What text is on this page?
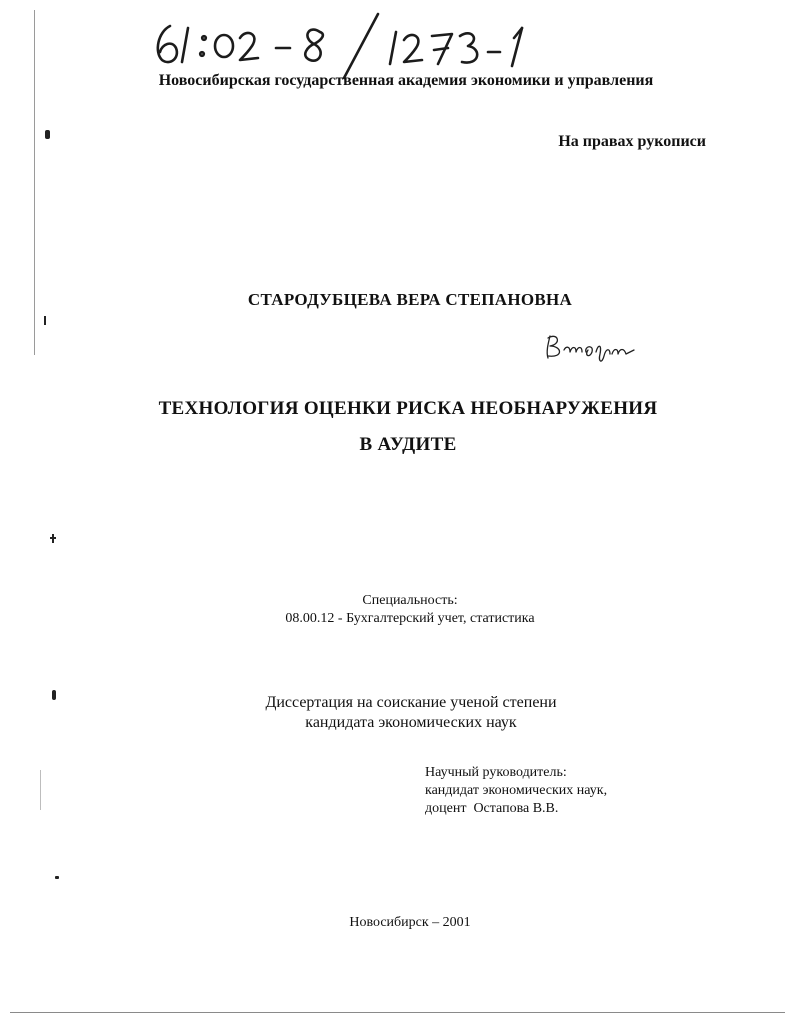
Новосибирская государственная академия экономики и управления
На правах рукописи
СТАРОДУБЦЕВА ВЕРА СТЕПАНОВНА
ТЕХНОЛОГИЯ ОЦЕНКИ РИСКА НЕОБНАРУЖЕНИЯ
В АУДИТЕ
Специальность:
08.00.12 - Бухгалтерский учет, статистика
Диссертация на соискание ученой степени
кандидата экономических наук
Научный руководитель:
кандидат экономических наук,
доцент  Остапова В.В.
Новосибирск – 2001
